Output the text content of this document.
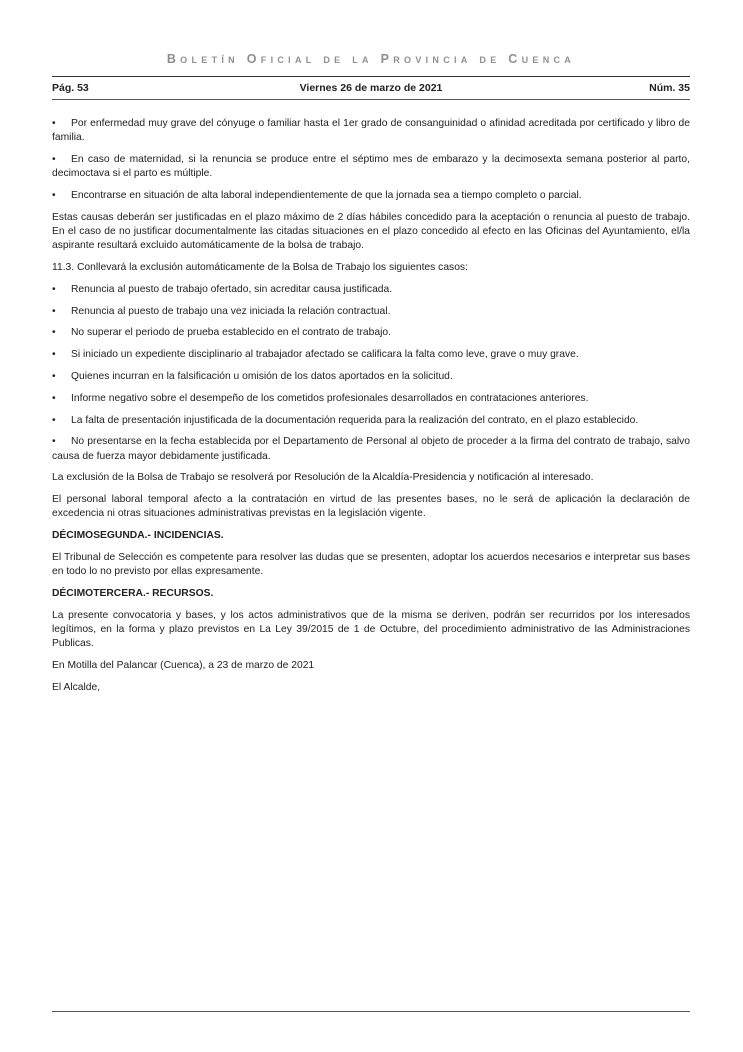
Boletín Oficial de la Provincia de Cuenca
Pág. 53	Viernes 26 de marzo de 2021	Núm. 35

• Por enfermedad muy grave del cónyuge o familiar hasta el 1er grado de consanguinidad o afinidad acreditada por certificado y libro de familia.

• En caso de maternidad, si la renuncia se produce entre el séptimo mes de embarazo y la decimosexta semana posterior al parto, decimoctava si el parto es múltiple.

• Encontrarse en situación de alta laboral independientemente de que la jornada sea a tiempo completo o parcial.

Estas causas deberán ser justificadas en el plazo máximo de 2 días hábiles concedido para la aceptación o renuncia al puesto de trabajo. En el caso de no justificar documentalmente las citadas situaciones en el plazo concedido al efecto en las Oficinas del Ayuntamiento, el/la aspirante resultará excluido automáticamente de la bolsa de trabajo.

11.3. Conllevará la exclusión automáticamente de la Bolsa de Trabajo los siguientes casos:

• Renuncia al puesto de trabajo ofertado, sin acreditar causa justificada.

• Renuncia al puesto de trabajo una vez iniciada la relación contractual.

• No superar el periodo de prueba establecido en el contrato de trabajo.

• Si iniciado un expediente disciplinario al trabajador afectado se calificara la falta como leve, grave o muy grave.

• Quienes incurran en la falsificación u omisión de los datos aportados en la solicitud.

• Informe negativo sobre el desempeño de los cometidos profesionales desarrollados en contrataciones anteriores.

• La falta de presentación injustificada de la documentación requerida para la realización del contrato, en el plazo establecido.

• No presentarse en la fecha establecida por el Departamento de Personal al objeto de proceder a la firma del contrato de trabajo, salvo causa de fuerza mayor debidamente justificada.

La exclusión de la Bolsa de Trabajo se resolverá por Resolución de la Alcaldía-Presidencia y notificación al interesado.

El personal laboral temporal afecto a la contratación en virtud de las presentes bases, no le será de aplicación la declaración de excedencia ni otras situaciones administrativas previstas en la legislación vigente.

DÉCIMOSEGUNDA.- INCIDENCIAS.

El Tribunal de Selección es competente para resolver las dudas que se presenten, adoptar los acuerdos necesarios e interpretar sus bases en todo lo no previsto por ellas expresamente.

DÉCIMOTERCERA.- RECURSOS.

La presente convocatoria y bases, y los actos administrativos que de la misma se deriven, podrán ser recurridos por los interesados legítimos, en la forma y plazo previstos en La Ley 39/2015 de 1 de Octubre, del procedimiento administrativo de las Administraciones Publicas.

En Motilla del Palancar (Cuenca), a 23 de marzo de 2021

El Alcalde,
